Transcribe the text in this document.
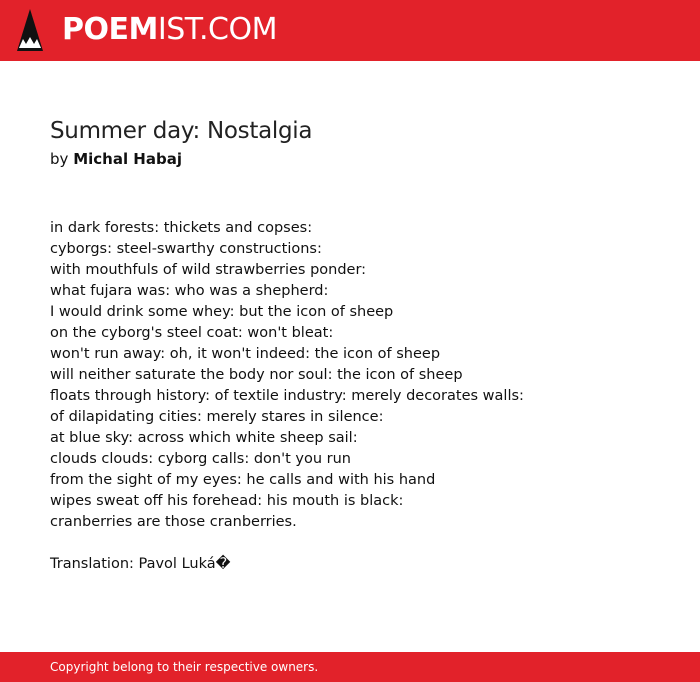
POEMIST.COM
Summer day: Nostalgia
by Michal Habaj
in dark forests: thickets and copses:
cyborgs: steel-swarthy constructions:
with mouthfuls of wild strawberries ponder:
what fujara was: who was a shepherd:
I would drink some whey: but the icon of sheep
on the cyborg's steel coat: won't bleat:
won't run away: oh, it won't indeed: the icon of sheep
will neither saturate the body nor soul: the icon of sheep
floats through history: of textile industry: merely decorates walls:
of dilapidating cities: merely stares in silence:
at blue sky: across which white sheep sail:
clouds clouds: cyborg calls: don't you run
from the sight of my eyes: he calls and with his hand
wipes sweat off his forehead: his mouth is black:
cranberries are those cranberries.
Translation: Pavol Luká�
Copyright belong to their respective owners.
